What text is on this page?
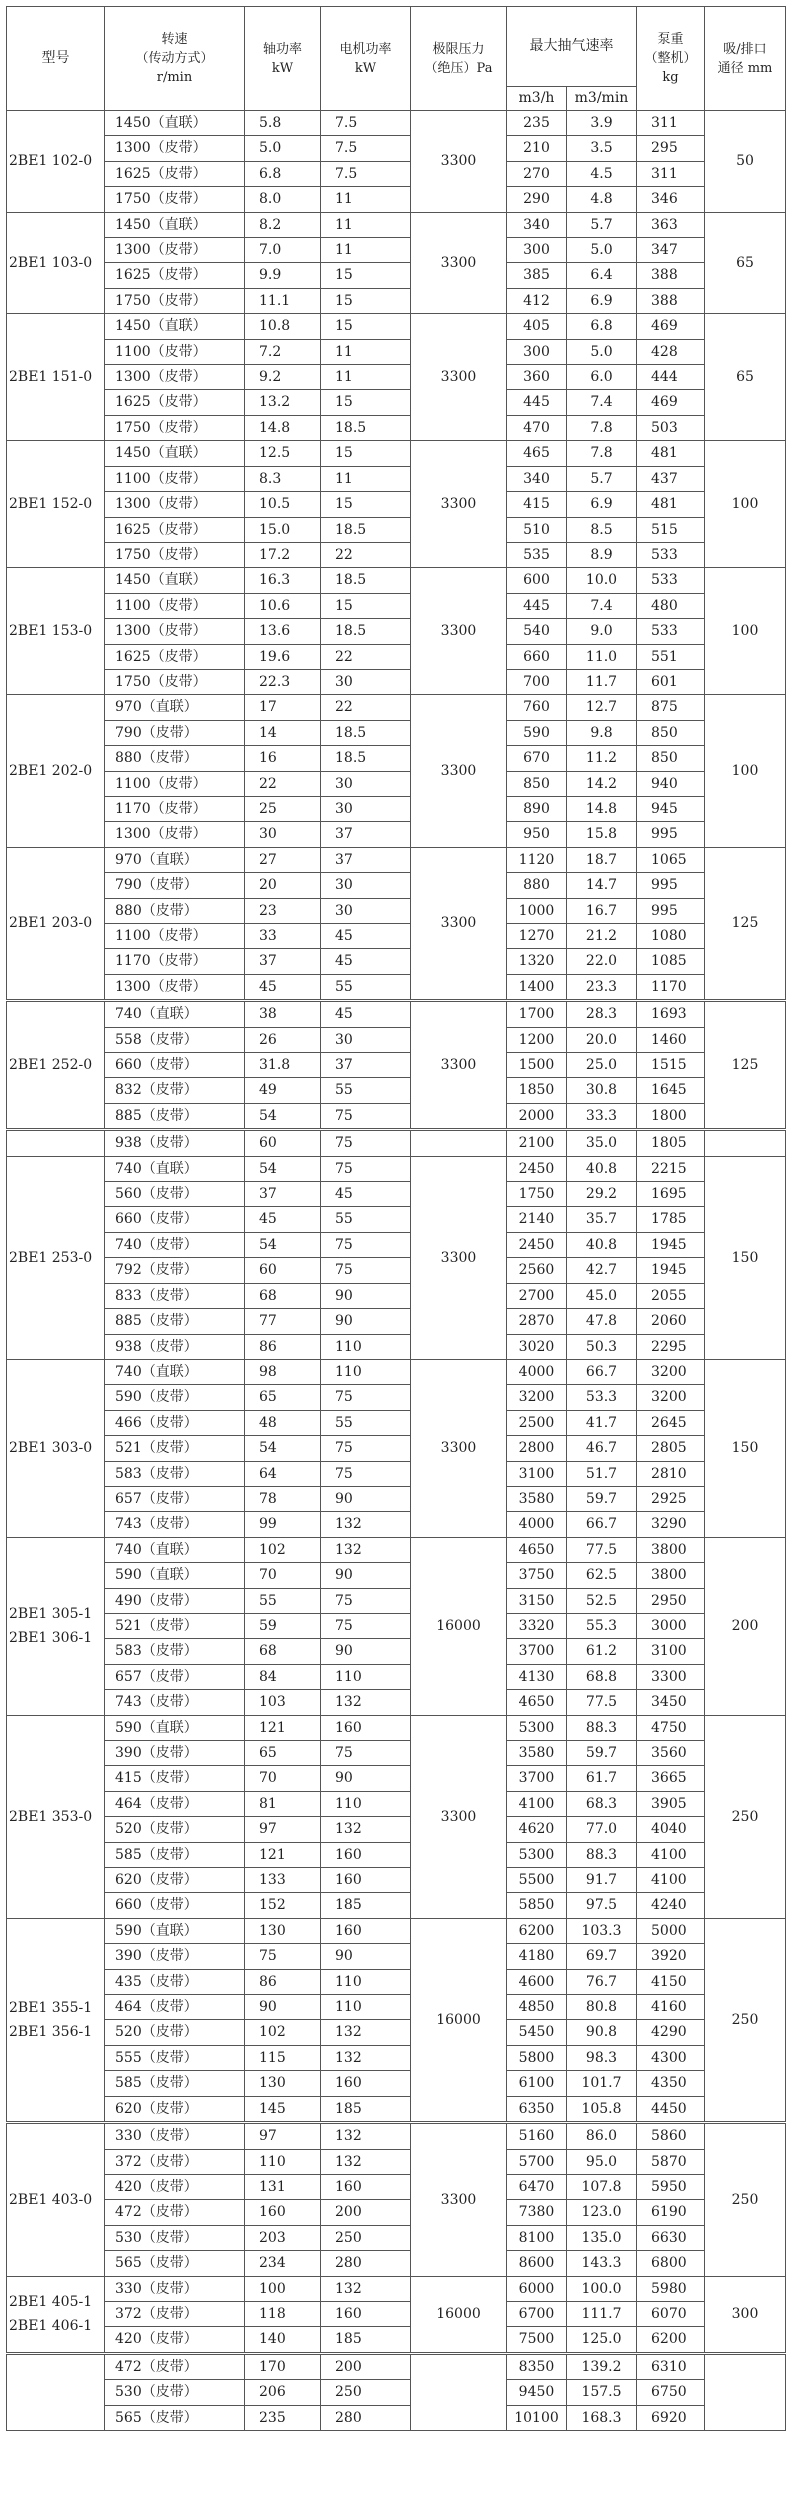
型号	转速
（传动方式）
r/min	轴功率
kW	电机功率
kW	极限压力
（绝压）Pa	最大抽气速率		泵重
（整机）
kg	吸/排口
通径 mm

					m3/h	m3/min		

2BE1 102-0	1450（直联）	5.8	7.5	3300	235	3.9	311	50
	1300（皮带）	5.0	7.5		210	3.5	295	
	1625（皮带）	6.8	7.5		270	4.5	311	
	1750（皮带）	8.0	11		290	4.8	346	

2BE1 103-0	1450（直联）	8.2	11	3300	340	5.7	363	65
	1300（皮带）	7.0	11		300	5.0	347	
	1625（皮带）	9.9	15		385	6.4	388	
	1750（皮带）	11.1	15		412	6.9	388	

2BE1 151-0	1450（直联）	10.8	15	3300	405	6.8	469	65
	1100（皮带）	7.2	11		300	5.0	428	
	1300（皮带）	9.2	11		360	6.0	444	
	1625（皮带）	13.2	15		445	7.4	469	
	1750（皮带）	14.8	18.5		470	7.8	503	

2BE1 152-0	1450（直联）	12.5	15	3300	465	7.8	481	100
	1100（皮带）	8.3	11		340	5.7	437	
	1300（皮带）	10.5	15		415	6.9	481	
	1625（皮带）	15.0	18.5		510	8.5	515	
	1750（皮带）	17.2	22		535	8.9	533	

2BE1 153-0	1450（直联）	16.3	18.5	3300	600	10.0	533	100
	1100（皮带）	10.6	15		445	7.4	480	
	1300（皮带）	13.6	18.5		540	9.0	533	
	1625（皮带）	19.6	22		660	11.0	551	
	1750（皮带）	22.3	30		700	11.7	601	

2BE1 202-0	970（直联）	17	22	3300	760	12.7	875	100
	790（皮带）	14	18.5		590	9.8	850	
	880（皮带）	16	18.5		670	11.2	850	
	1100（皮带）	22	30		850	14.2	940	
	1170（皮带）	25	30		890	14.8	945	
	1300（皮带）	30	37		950	15.8	995	

2BE1 203-0	970（直联）	27	37	3300	1120	18.7	1065	125
	790（皮带）	20	30		880	14.7	995	
	880（皮带）	23	30		1000	16.7	995	
	1100（皮带）	33	45		1270	21.2	1080	
	1170（皮带）	37	45		1320	22.0	1085	
	1300（皮带）	45	55		1400	23.3	1170	

2BE1 252-0	740（直联）	38	45	3300	1700	28.3	1693	125
	558（皮带）	26	30		1200	20.0	1460	
	660（皮带）	31.8	37		1500	25.0	1515	
	832（皮带）	49	55		1850	30.8	1645	
	885（皮带）	54	75		2000	33.3	1800	

	938（皮带）	60	75		2100	35.0	1805	

2BE1 253-0	740（直联）	54	75	3300	2450	40.8	2215	150
	560（皮带）	37	45		1750	29.2	1695	
	660（皮带）	45	55		2140	35.7	1785	
	740（皮带）	54	75		2450	40.8	1945	
	792（皮带）	60	75		2560	42.7	1945	
	833（皮带）	68	90		2700	45.0	2055	
	885（皮带）	77	90		2870	47.8	2060	
	938（皮带）	86	110		3020	50.3	2295	

2BE1 303-0	740（直联）	98	110	3300	4000	66.7	3200	150
	590（皮带）	65	75		3200	53.3	3200	
	466（皮带）	48	55		2500	41.7	2645	
	521（皮带）	54	75		2800	46.7	2805	
	583（皮带）	64	75		3100	51.7	2810	
	657（皮带）	78	90		3580	59.7	2925	
	743（皮带）	99	132		4000	66.7	3290	

2BE1 305-1
2BE1 306-1	740（直联）	102	132	16000	4650	77.5	3800	200
	590（直联）	70	90		3750	62.5	3800	
	490（皮带）	55	75		3150	52.5	2950	
	521（皮带）	59	75		3320	55.3	3000	
	583（皮带）	68	90		3700	61.2	3100	
	657（皮带）	84	110		4130	68.8	3300	
	743（皮带）	103	132		4650	77.5	3450	

2BE1 353-0	590（直联）	121	160	3300	5300	88.3	4750	250
	390（皮带）	65	75		3580	59.7	3560	
	415（皮带）	70	90		3700	61.7	3665	
	464（皮带）	81	110		4100	68.3	3905	
	520（皮带）	97	132		4620	77.0	4040	
	585（皮带）	121	160		5300	88.3	4100	
	620（皮带）	133	160		5500	91.7	4100	
	660（皮带）	152	185		5850	97.5	4240	

2BE1 355-1
2BE1 356-1	590（直联）	130	160	16000	6200	103.3	5000	250
	390（皮带）	75	90		4180	69.7	3920	
	435（皮带）	86	110		4600	76.7	4150	
	464（皮带）	90	110		4850	80.8	4160	
	520（皮带）	102	132		5450	90.8	4290	
	555（皮带）	115	132		5800	98.3	4300	
	585（皮带）	130	160		6100	101.7	4350	
	620（皮带）	145	185		6350	105.8	4450	

2BE1 403-0	330（皮带）	97	132	3300	5160	86.0	5860	250
	372（皮带）	110	132		5700	95.0	5870	
	420（皮带）	131	160		6470	107.8	5950	
	472（皮带）	160	200		7380	123.0	6190	
	530（皮带）	203	250		8100	135.0	6630	
	565（皮带）	234	280		8600	143.3	6800	

2BE1 405-1
2BE1 406-1	330（皮带）	100	132	16000	6000	100.0	5980	300
	372（皮带）	118	160		6700	111.7	6070	
	420（皮带）	140	185		7500	125.0	6200	

	472（皮带）	170	200		8350	139.2	6310	
	530（皮带）	206	250		9450	157.5	6750	
	565（皮带）	235	280		10100	168.3	6920	
